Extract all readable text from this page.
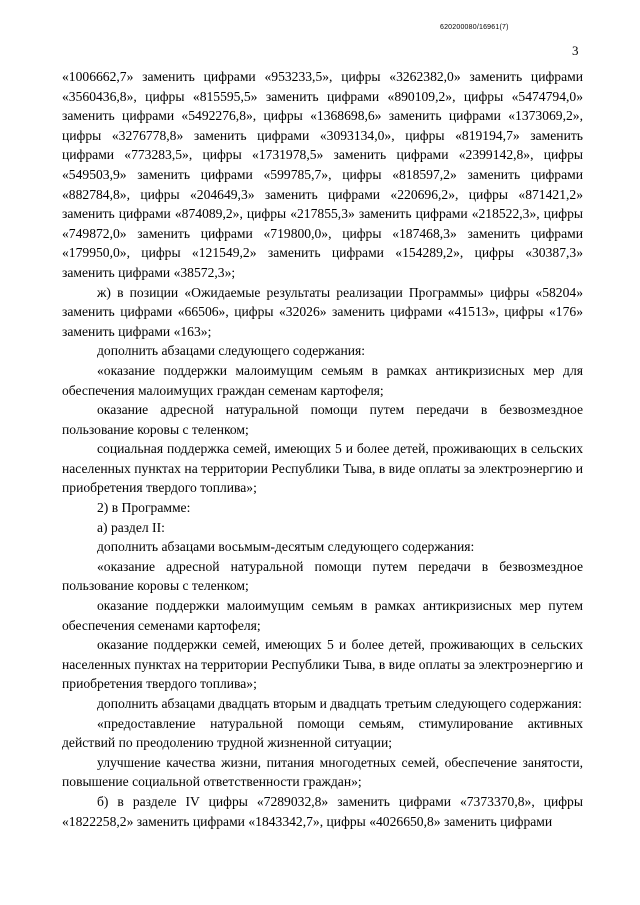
620200080/16961(7)
3

«1006662,7» заменить цифрами «953233,5», цифры «3262382,0» заменить цифрами «3560436,8», цифры «815595,5» заменить цифрами «890109,2», цифры «5474794,0» заменить цифрами «5492276,8», цифры «1368698,6» заменить цифрами «1373069,2», цифры «3276778,8» заменить цифрами «3093134,0», цифры «819194,7» заменить цифрами «773283,5», цифры «1731978,5» заменить цифрами «2399142,8», цифры «549503,9» заменить цифрами «599785,7», цифры «818597,2» заменить цифрами «882784,8», цифры «204649,3» заменить цифрами «220696,2», цифры «871421,2» заменить цифрами «874089,2», цифры «217855,3» заменить цифрами «218522,3», цифры «749872,0» заменить цифрами «719800,0», цифры «187468,3» заменить цифрами «179950,0», цифры «121549,2» заменить цифрами «154289,2», цифры «30387,3» заменить цифрами «38572,3»;

ж) в позиции «Ожидаемые результаты реализации Программы» цифры «58204» заменить цифрами «66506», цифры «32026» заменить цифрами «41513», цифры «176» заменить цифрами «163»;

дополнить абзацами следующего содержания:

«оказание поддержки малоимущим семьям в рамках антикризисных мер для обеспечения малоимущих граждан семенам картофеля;

оказание адресной натуральной помощи путем передачи в безвозмездное пользование коровы с теленком;

социальная поддержка семей, имеющих 5 и более детей, проживающих в сельских населенных пунктах на территории Республики Тыва, в виде оплаты за электроэнергию и приобретения твердого топлива»;

2) в Программе:

а) раздел II:

дополнить абзацами восьмым-десятым следующего содержания:

«оказание адресной натуральной помощи путем передачи в безвозмездное пользование коровы с теленком;

оказание поддержки малоимущим семьям в рамках антикризисных мер путем обеспечения семенами картофеля;

оказание поддержки семей, имеющих 5 и более детей, проживающих в сельских населенных пунктах на территории Республики Тыва, в виде оплаты за электроэнергию и приобретения твердого топлива»;

дополнить абзацами двадцать вторым и двадцать третьим следующего содержания:

«предоставление натуральной помощи семьям, стимулирование активных действий по преодолению трудной жизненной ситуации;

улучшение качества жизни, питания многодетных семей, обеспечение занятости, повышение социальной ответственности граждан»;

б) в разделе IV цифры «7289032,8» заменить цифрами «7373370,8», цифры «1822258,2» заменить цифрами «1843342,7», цифры «4026650,8» заменить цифрами
